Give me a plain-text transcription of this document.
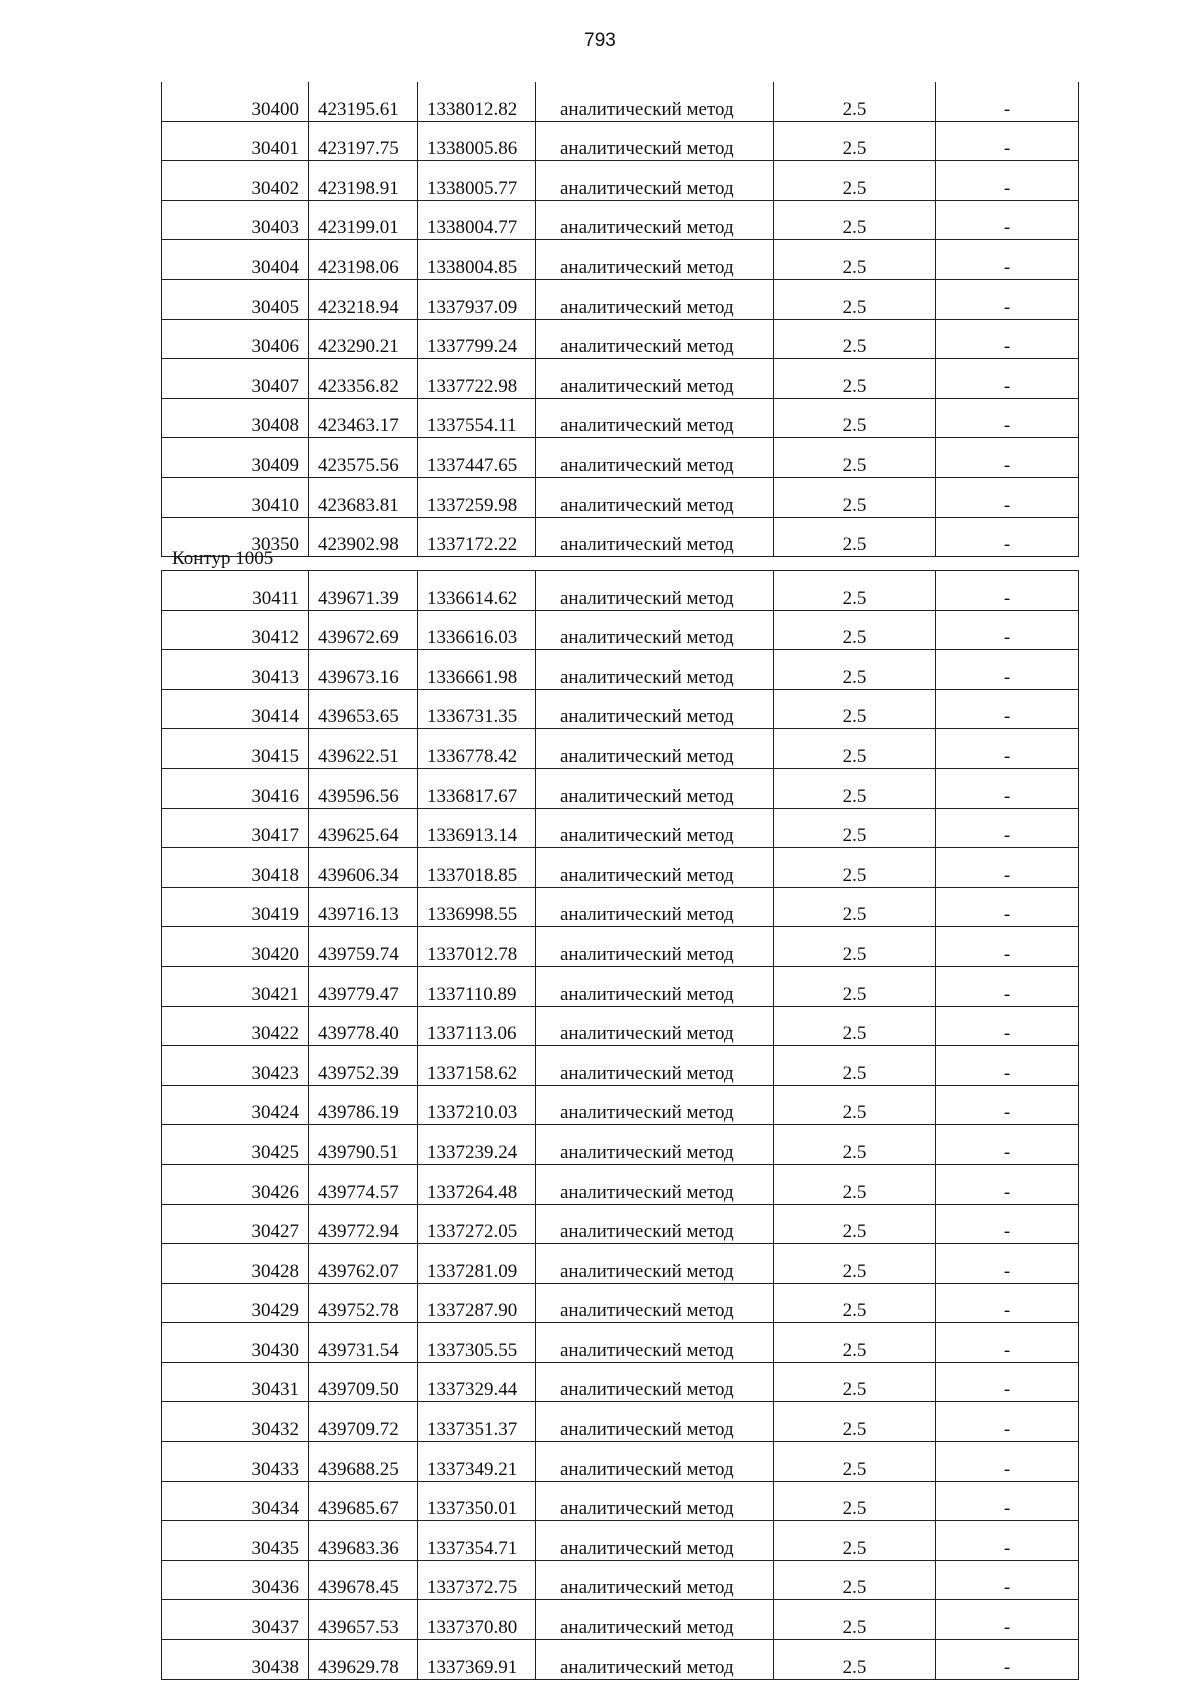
793
30400	423195.61	1338012.82	аналитический метод	2.5	-
30401	423197.75	1338005.86	аналитический метод	2.5	-
30402	423198.91	1338005.77	аналитический метод	2.5	-
30403	423199.01	1338004.77	аналитический метод	2.5	-
30404	423198.06	1338004.85	аналитический метод	2.5	-
30405	423218.94	1337937.09	аналитический метод	2.5	-
30406	423290.21	1337799.24	аналитический метод	2.5	-
30407	423356.82	1337722.98	аналитический метод	2.5	-
30408	423463.17	1337554.11	аналитический метод	2.5	-
30409	423575.56	1337447.65	аналитический метод	2.5	-
30410	423683.81	1337259.98	аналитический метод	2.5	-
30350	423902.98	1337172.22	аналитический метод	2.5	-
Контур 1005
30411	439671.39	1336614.62	аналитический метод	2.5	-
30412	439672.69	1336616.03	аналитический метод	2.5	-
30413	439673.16	1336661.98	аналитический метод	2.5	-
30414	439653.65	1336731.35	аналитический метод	2.5	-
30415	439622.51	1336778.42	аналитический метод	2.5	-
30416	439596.56	1336817.67	аналитический метод	2.5	-
30417	439625.64	1336913.14	аналитический метод	2.5	-
30418	439606.34	1337018.85	аналитический метод	2.5	-
30419	439716.13	1336998.55	аналитический метод	2.5	-
30420	439759.74	1337012.78	аналитический метод	2.5	-
30421	439779.47	1337110.89	аналитический метод	2.5	-
30422	439778.40	1337113.06	аналитический метод	2.5	-
30423	439752.39	1337158.62	аналитический метод	2.5	-
30424	439786.19	1337210.03	аналитический метод	2.5	-
30425	439790.51	1337239.24	аналитический метод	2.5	-
30426	439774.57	1337264.48	аналитический метод	2.5	-
30427	439772.94	1337272.05	аналитический метод	2.5	-
30428	439762.07	1337281.09	аналитический метод	2.5	-
30429	439752.78	1337287.90	аналитический метод	2.5	-
30430	439731.54	1337305.55	аналитический метод	2.5	-
30431	439709.50	1337329.44	аналитический метод	2.5	-
30432	439709.72	1337351.37	аналитический метод	2.5	-
30433	439688.25	1337349.21	аналитический метод	2.5	-
30434	439685.67	1337350.01	аналитический метод	2.5	-
30435	439683.36	1337354.71	аналитический метод	2.5	-
30436	439678.45	1337372.75	аналитический метод	2.5	-
30437	439657.53	1337370.80	аналитический метод	2.5	-
30438	439629.78	1337369.91	аналитический метод	2.5	-
